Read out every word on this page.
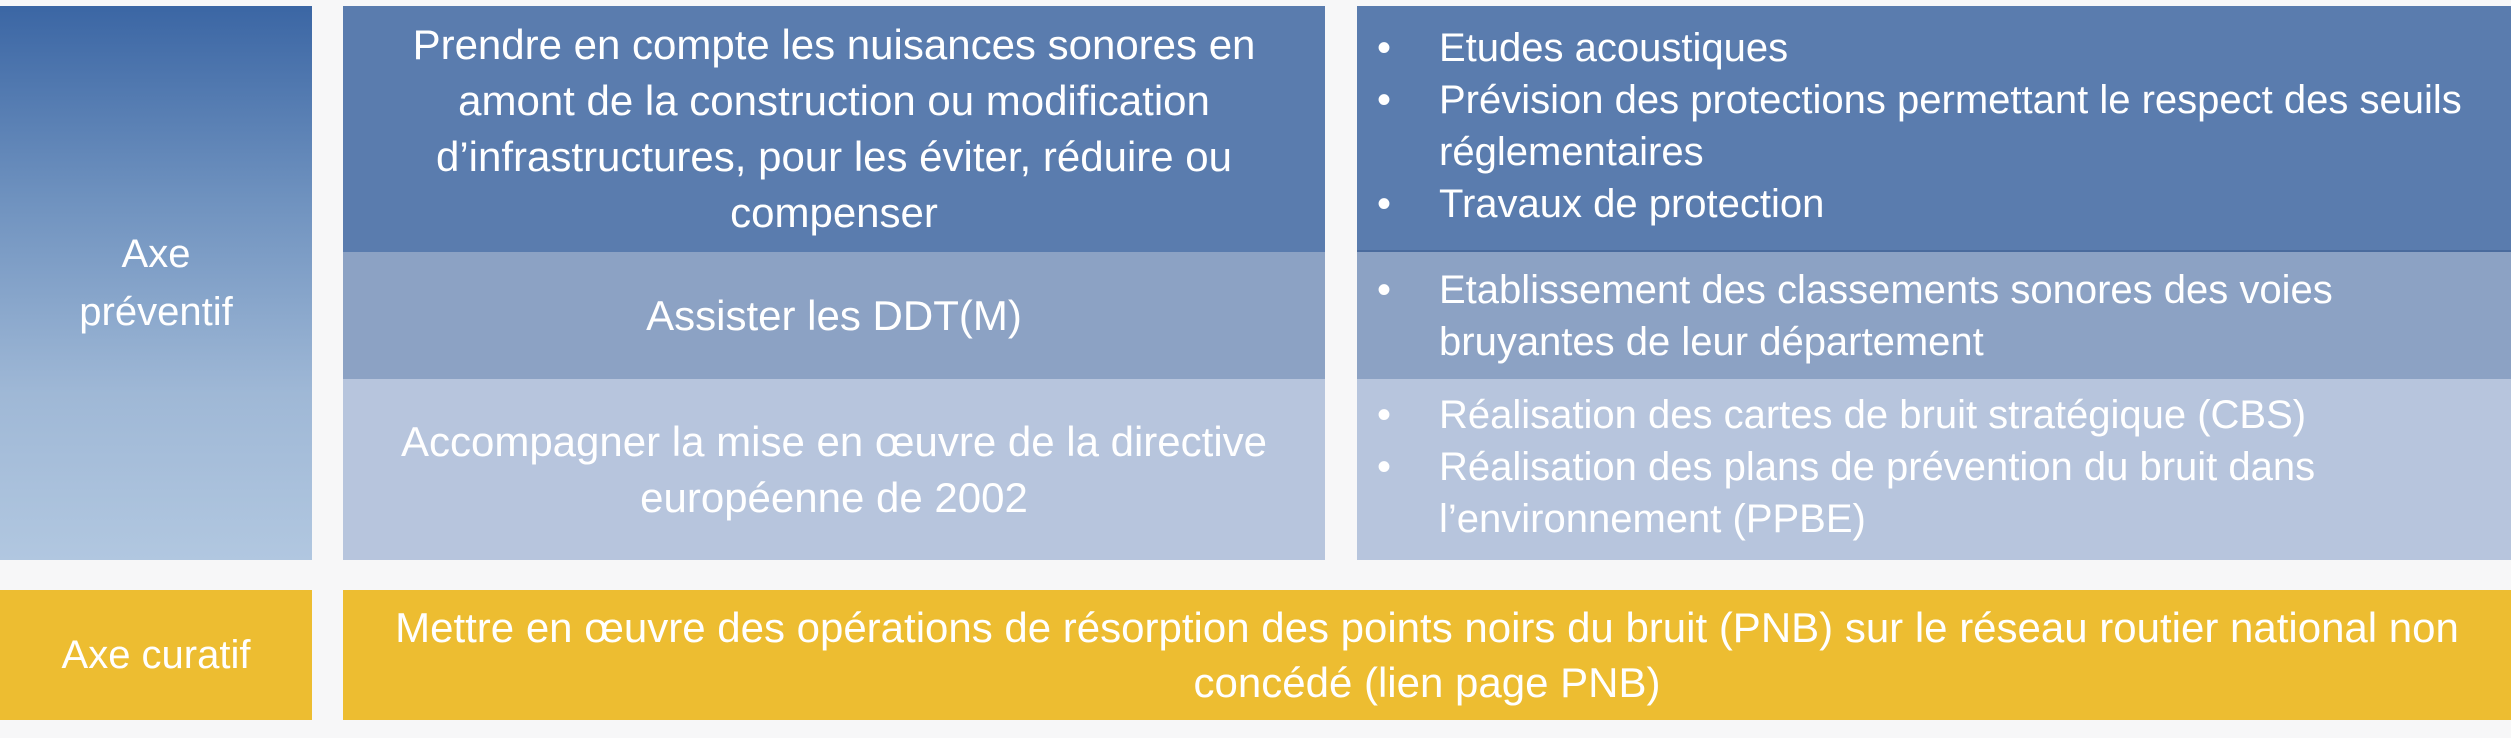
Axe
préventif
Axe curatif
Prendre en compte les nuisances sonores en amont de la construction ou modification d’infrastructures, pour les éviter, réduire ou compenser
Assister les DDT(M)
Accompagner la mise en œuvre de la directive européenne de 2002
• Etudes acoustiques
• Prévision des protections permettant le respect des seuils réglementaires
• Travaux de protection
• Etablissement des classements sonores des voies bruyantes de leur département
• Réalisation des cartes de bruit stratégique (CBS)
• Réalisation des plans de prévention du bruit dans l’environnement (PPBE)
Mettre en œuvre des opérations de résorption des points noirs du bruit (PNB) sur le réseau routier national non concédé (lien page PNB)
